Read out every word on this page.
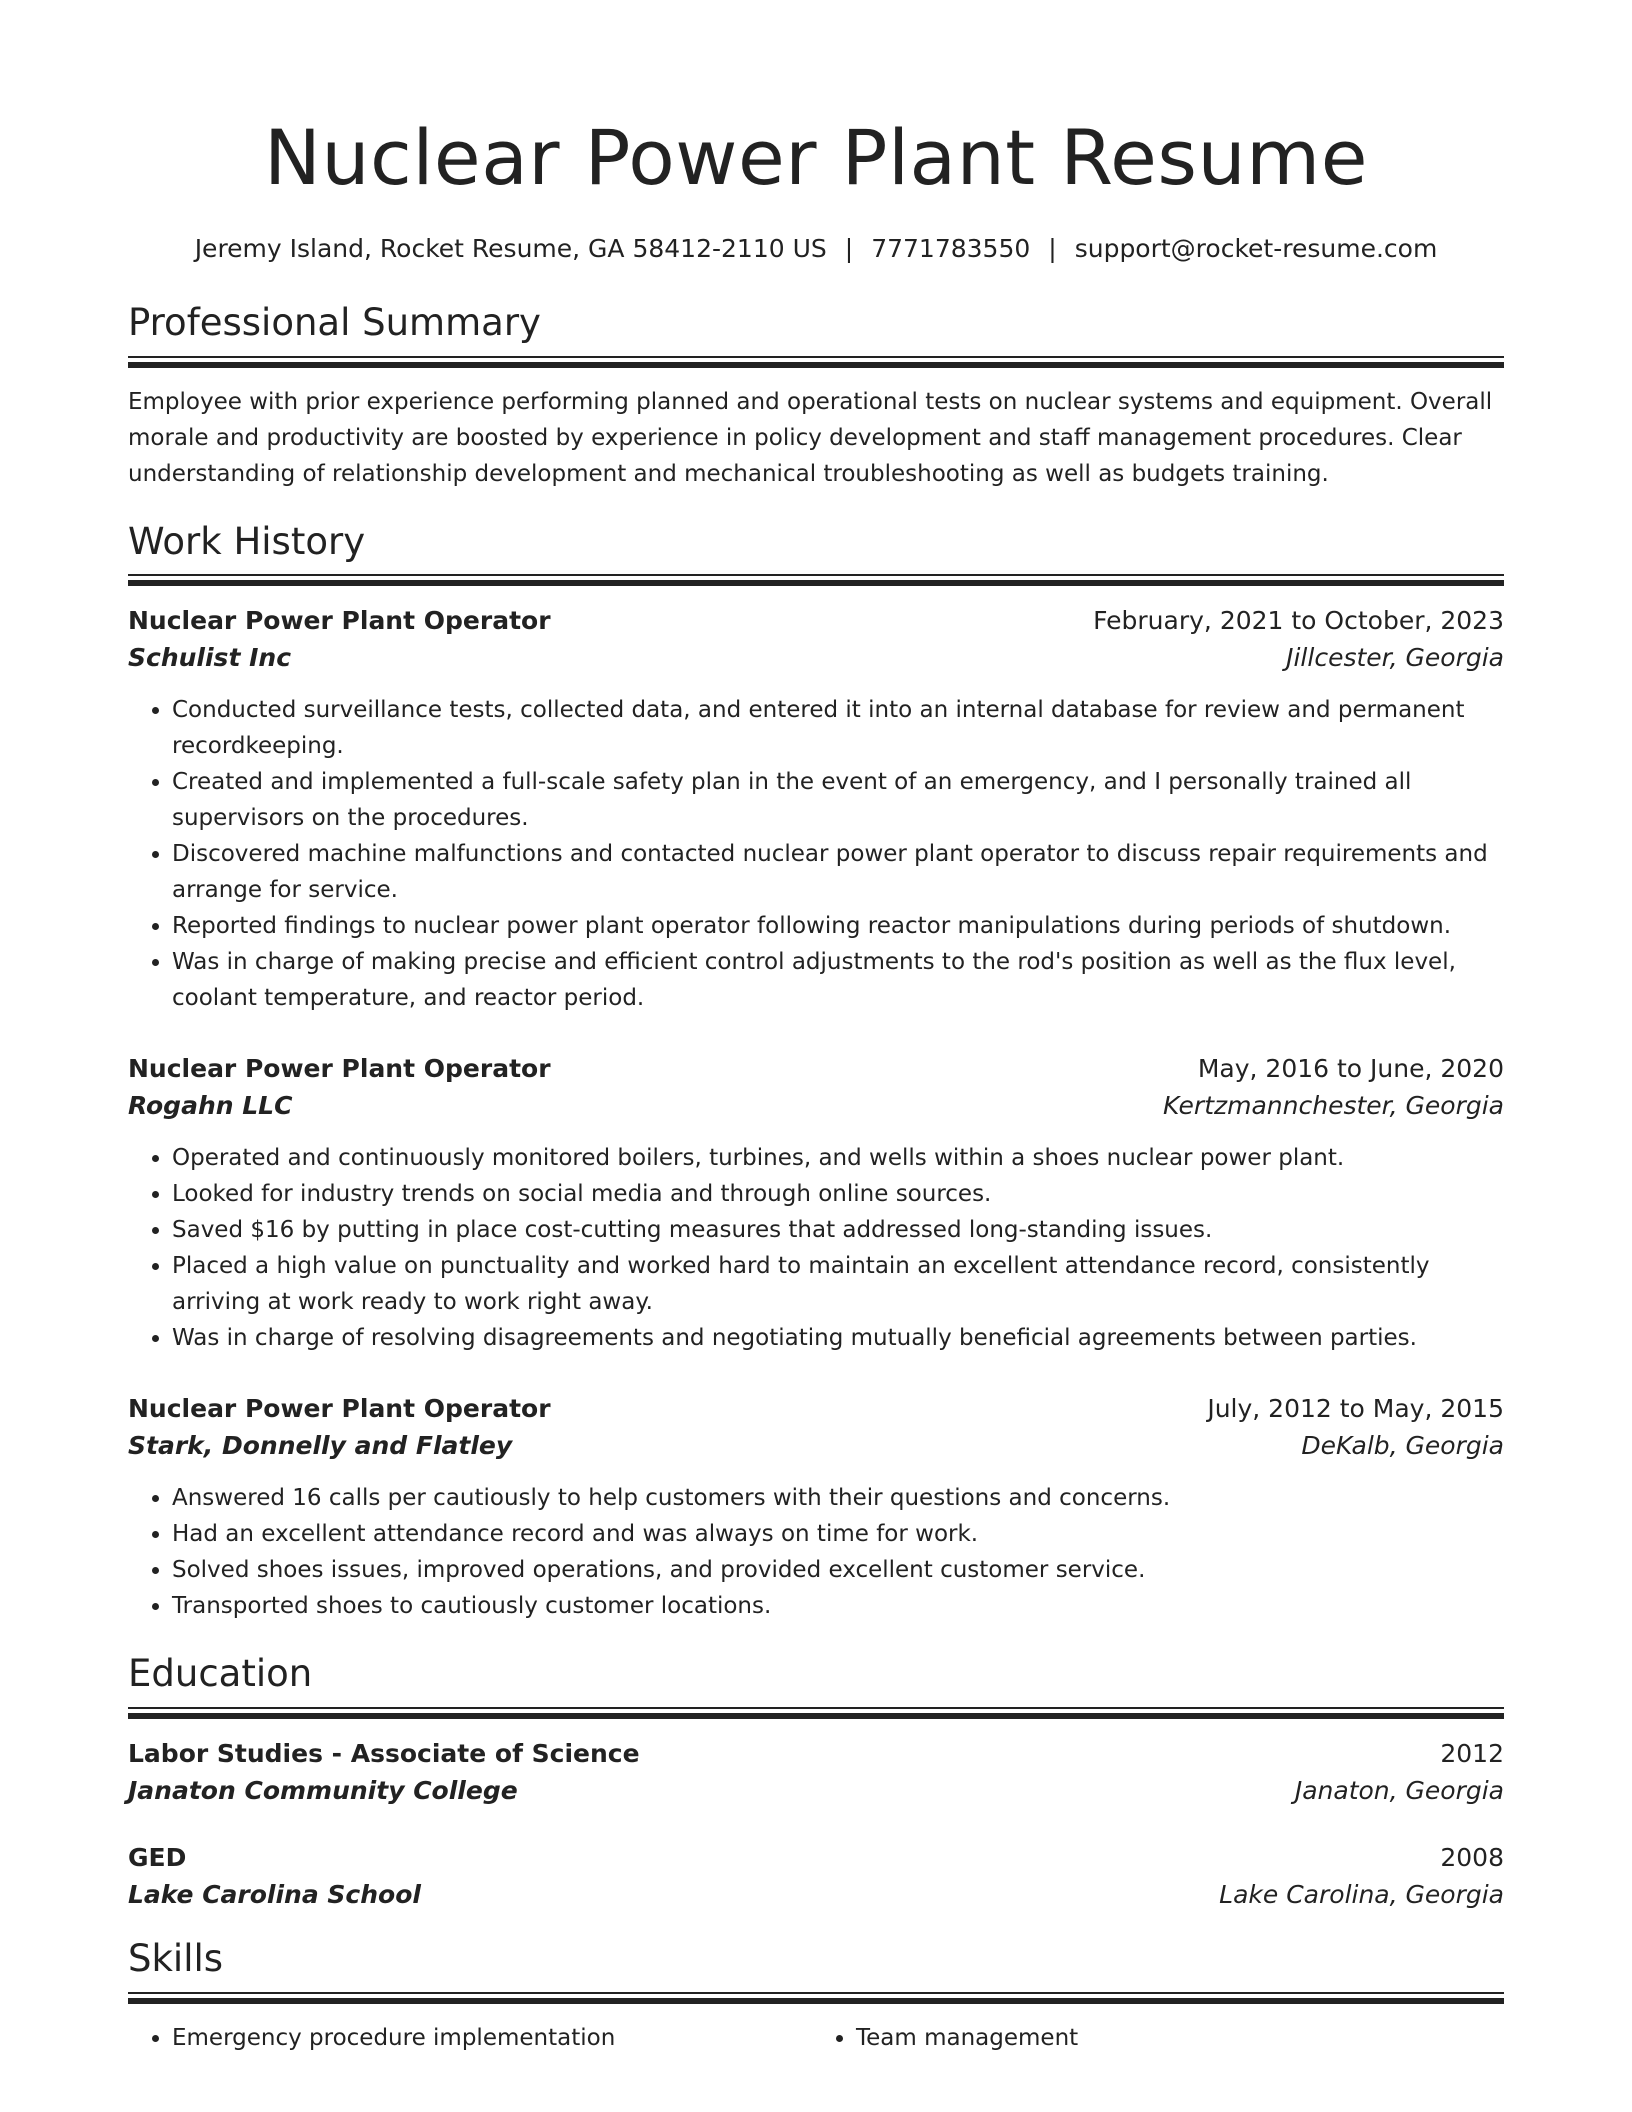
Nuclear Power Plant Resume
Jeremy Island, Rocket Resume, GA 58412-2110 US | 7771783550 | support@rocket-resume.com
Professional Summary

Employee with prior experience performing planned and operational tests on nuclear systems and equipment. Overall morale and productivity are boosted by experience in policy development and staff management procedures. Clear understanding of relationship development and mechanical troubleshooting as well as budgets training.

Work History
Nuclear Power Plant Operator	February, 2021 to October, 2023
Schulist Inc	Jillcester, Georgia
• Conducted surveillance tests, collected data, and entered it into an internal database for review and permanent recordkeeping.
• Created and implemented a full-scale safety plan in the event of an emergency, and I personally trained all supervisors on the procedures.
• Discovered machine malfunctions and contacted nuclear power plant operator to discuss repair requirements and arrange for service.
• Reported findings to nuclear power plant operator following reactor manipulations during periods of shutdown.
• Was in charge of making precise and efficient control adjustments to the rod's position as well as the flux level, coolant temperature, and reactor period.
Nuclear Power Plant Operator	May, 2016 to June, 2020
Rogahn LLC	Kertzmannchester, Georgia
• Operated and continuously monitored boilers, turbines, and wells within a shoes nuclear power plant.
• Looked for industry trends on social media and through online sources.
• Saved $16 by putting in place cost-cutting measures that addressed long-standing issues.
• Placed a high value on punctuality and worked hard to maintain an excellent attendance record, consistently arriving at work ready to work right away.
• Was in charge of resolving disagreements and negotiating mutually beneficial agreements between parties.
Nuclear Power Plant Operator	July, 2012 to May, 2015
Stark, Donnelly and Flatley	DeKalb, Georgia
• Answered 16 calls per cautiously to help customers with their questions and concerns.
• Had an excellent attendance record and was always on time for work.
• Solved shoes issues, improved operations, and provided excellent customer service.
• Transported shoes to cautiously customer locations.
Education
Labor Studies - Associate of Science	2012
Janaton Community College	Janaton, Georgia
GED	2008
Lake Carolina School	Lake Carolina, Georgia
Skills
• Emergency procedure implementation
•	Team management
